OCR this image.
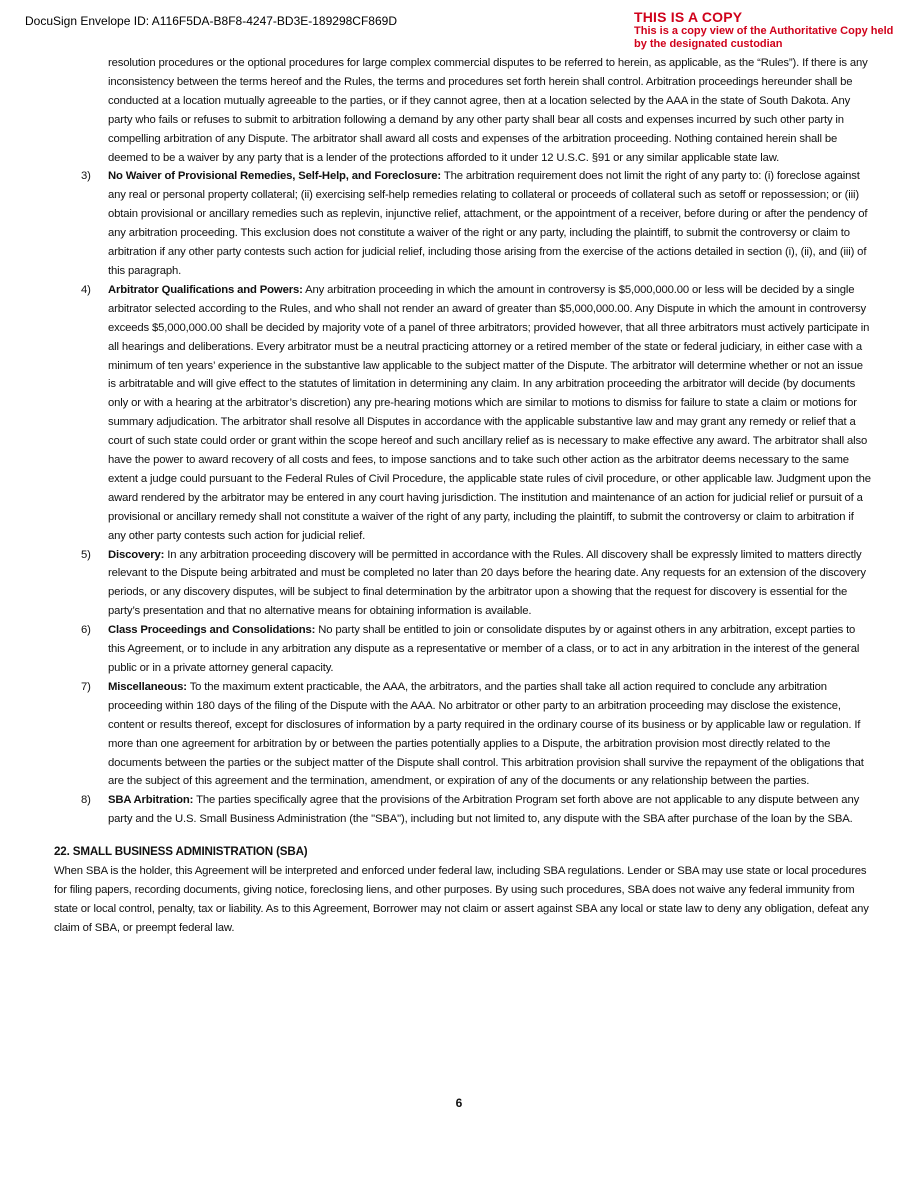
DocuSign Envelope ID: A116F5DA-B8F8-4247-BD3E-189298CF869D	THIS IS A COPY
This is a copy view of the Authoritative Copy held
by the designated custodian
resolution procedures or the optional procedures for large complex commercial disputes to be referred to herein, as applicable, as the “Rules”). If there is any inconsistency between the terms hereof and the Rules, the terms and procedures set forth herein shall control. Arbitration proceedings hereunder shall be conducted at a location mutually agreeable to the parties, or if they cannot agree, then at a location selected by the AAA in the state of South Dakota. Any party who fails or refuses to submit to arbitration following a demand by any other party shall bear all costs and expenses incurred by such other party in compelling arbitration of any Dispute. The arbitrator shall award all costs and expenses of the arbitration proceeding. Nothing contained herein shall be deemed to be a waiver by any party that is a lender of the protections afforded to it under 12 U.S.C. §91 or any similar applicable state law.
3) No Waiver of Provisional Remedies, Self-Help, and Foreclosure: The arbitration requirement does not limit the right of any party to: (i) foreclose against any real or personal property collateral; (ii) exercising self-help remedies relating to collateral or proceeds of collateral such as setoff or repossession; or (iii) obtain provisional or ancillary remedies such as replevin, injunctive relief, attachment, or the appointment of a receiver, before during or after the pendency of any arbitration proceeding. This exclusion does not constitute a waiver of the right or any party, including the plaintiff, to submit the controversy or claim to arbitration if any other party contests such action for judicial relief, including those arising from the exercise of the actions detailed in section (i), (ii), and (iii) of this paragraph.
4) Arbitrator Qualifications and Powers: Any arbitration proceeding in which the amount in controversy is $5,000,000.00 or less will be decided by a single arbitrator selected according to the Rules, and who shall not render an award of greater than $5,000,000.00. Any Dispute in which the amount in controversy exceeds $5,000,000.00 shall be decided by majority vote of a panel of three arbitrators; provided however, that all three arbitrators must actively participate in all hearings and deliberations. Every arbitrator must be a neutral practicing attorney or a retired member of the state or federal judiciary, in either case with a minimum of ten years’ experience in the substantive law applicable to the subject matter of the Dispute. The arbitrator will determine whether or not an issue is arbitratable and will give effect to the statutes of limitation in determining any claim. In any arbitration proceeding the arbitrator will decide (by documents only or with a hearing at the arbitrator’s discretion) any pre-hearing motions which are similar to motions to dismiss for failure to state a claim or motions for summary adjudication. The arbitrator shall resolve all Disputes in accordance with the applicable substantive law and may grant any remedy or relief that a court of such state could order or grant within the scope hereof and such ancillary relief as is necessary to make effective any award. The arbitrator shall also have the power to award recovery of all costs and fees, to impose sanctions and to take such other action as the arbitrator deems necessary to the same extent a judge could pursuant to the Federal Rules of Civil Procedure, the applicable state rules of civil procedure, or other applicable law. Judgment upon the award rendered by the arbitrator may be entered in any court having jurisdiction. The institution and maintenance of an action for judicial relief or pursuit of a provisional or ancillary remedy shall not constitute a waiver of the right of any party, including the plaintiff, to submit the controversy or claim to arbitration if any other party contests such action for judicial relief.
5) Discovery: In any arbitration proceeding discovery will be permitted in accordance with the Rules. All discovery shall be expressly limited to matters directly relevant to the Dispute being arbitrated and must be completed no later than 20 days before the hearing date. Any requests for an extension of the discovery periods, or any discovery disputes, will be subject to final determination by the arbitrator upon a showing that the request for discovery is essential for the party’s presentation and that no alternative means for obtaining information is available.
6) Class Proceedings and Consolidations: No party shall be entitled to join or consolidate disputes by or against others in any arbitration, except parties to this Agreement, or to include in any arbitration any dispute as a representative or member of a class, or to act in any arbitration in the interest of the general public or in a private attorney general capacity.
7) Miscellaneous: To the maximum extent practicable, the AAA, the arbitrators, and the parties shall take all action required to conclude any arbitration proceeding within 180 days of the filing of the Dispute with the AAA. No arbitrator or other party to an arbitration proceeding may disclose the existence, content or results thereof, except for disclosures of information by a party required in the ordinary course of its business or by applicable law or regulation. If more than one agreement for arbitration by or between the parties potentially applies to a Dispute, the arbitration provision most directly related to the documents between the parties or the subject matter of the Dispute shall control. This arbitration provision shall survive the repayment of the obligations that are the subject of this agreement and the termination, amendment, or expiration of any of the documents or any relationship between the parties.
8) SBA Arbitration: The parties specifically agree that the provisions of the Arbitration Program set forth above are not applicable to any dispute between any party and the U.S. Small Business Administration (the "SBA"), including but not limited to, any dispute with the SBA after purchase of the loan by the SBA.
22. SMALL BUSINESS ADMINISTRATION (SBA)
When SBA is the holder, this Agreement will be interpreted and enforced under federal law, including SBA regulations. Lender or SBA may use state or local procedures for filing papers, recording documents, giving notice, foreclosing liens, and other purposes. By using such procedures, SBA does not waive any federal immunity from state or local control, penalty, tax or liability. As to this Agreement, Borrower may not claim or assert against SBA any local or state law to deny any obligation, defeat any claim of SBA, or preempt federal law.
6
